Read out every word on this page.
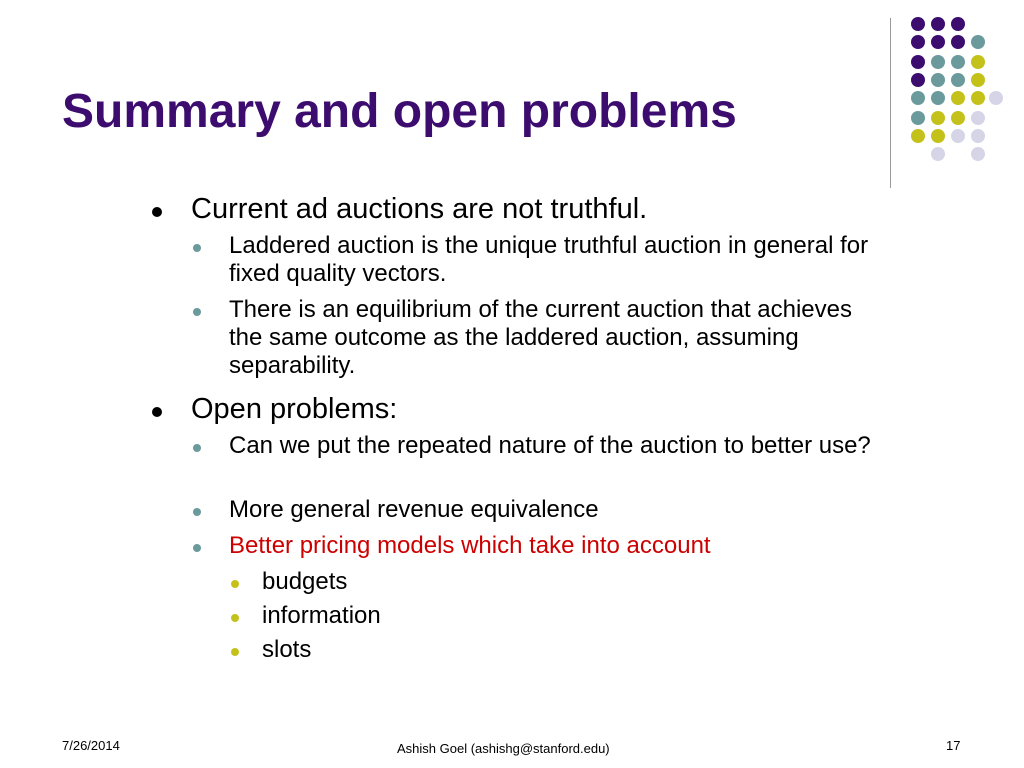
Summary and open problems
Current ad auctions are not truthful.
Laddered auction is the unique truthful auction in general for fixed quality vectors.
There is an equilibrium of the current auction that achieves the same outcome as the laddered auction, assuming separability.
Open problems:
Can we put the repeated nature of the auction to better use?
More general revenue equivalence
Better pricing models which take into account
budgets
information
slots
7/26/2014	Ashish Goel (ashishg@stanford.edu)	17
